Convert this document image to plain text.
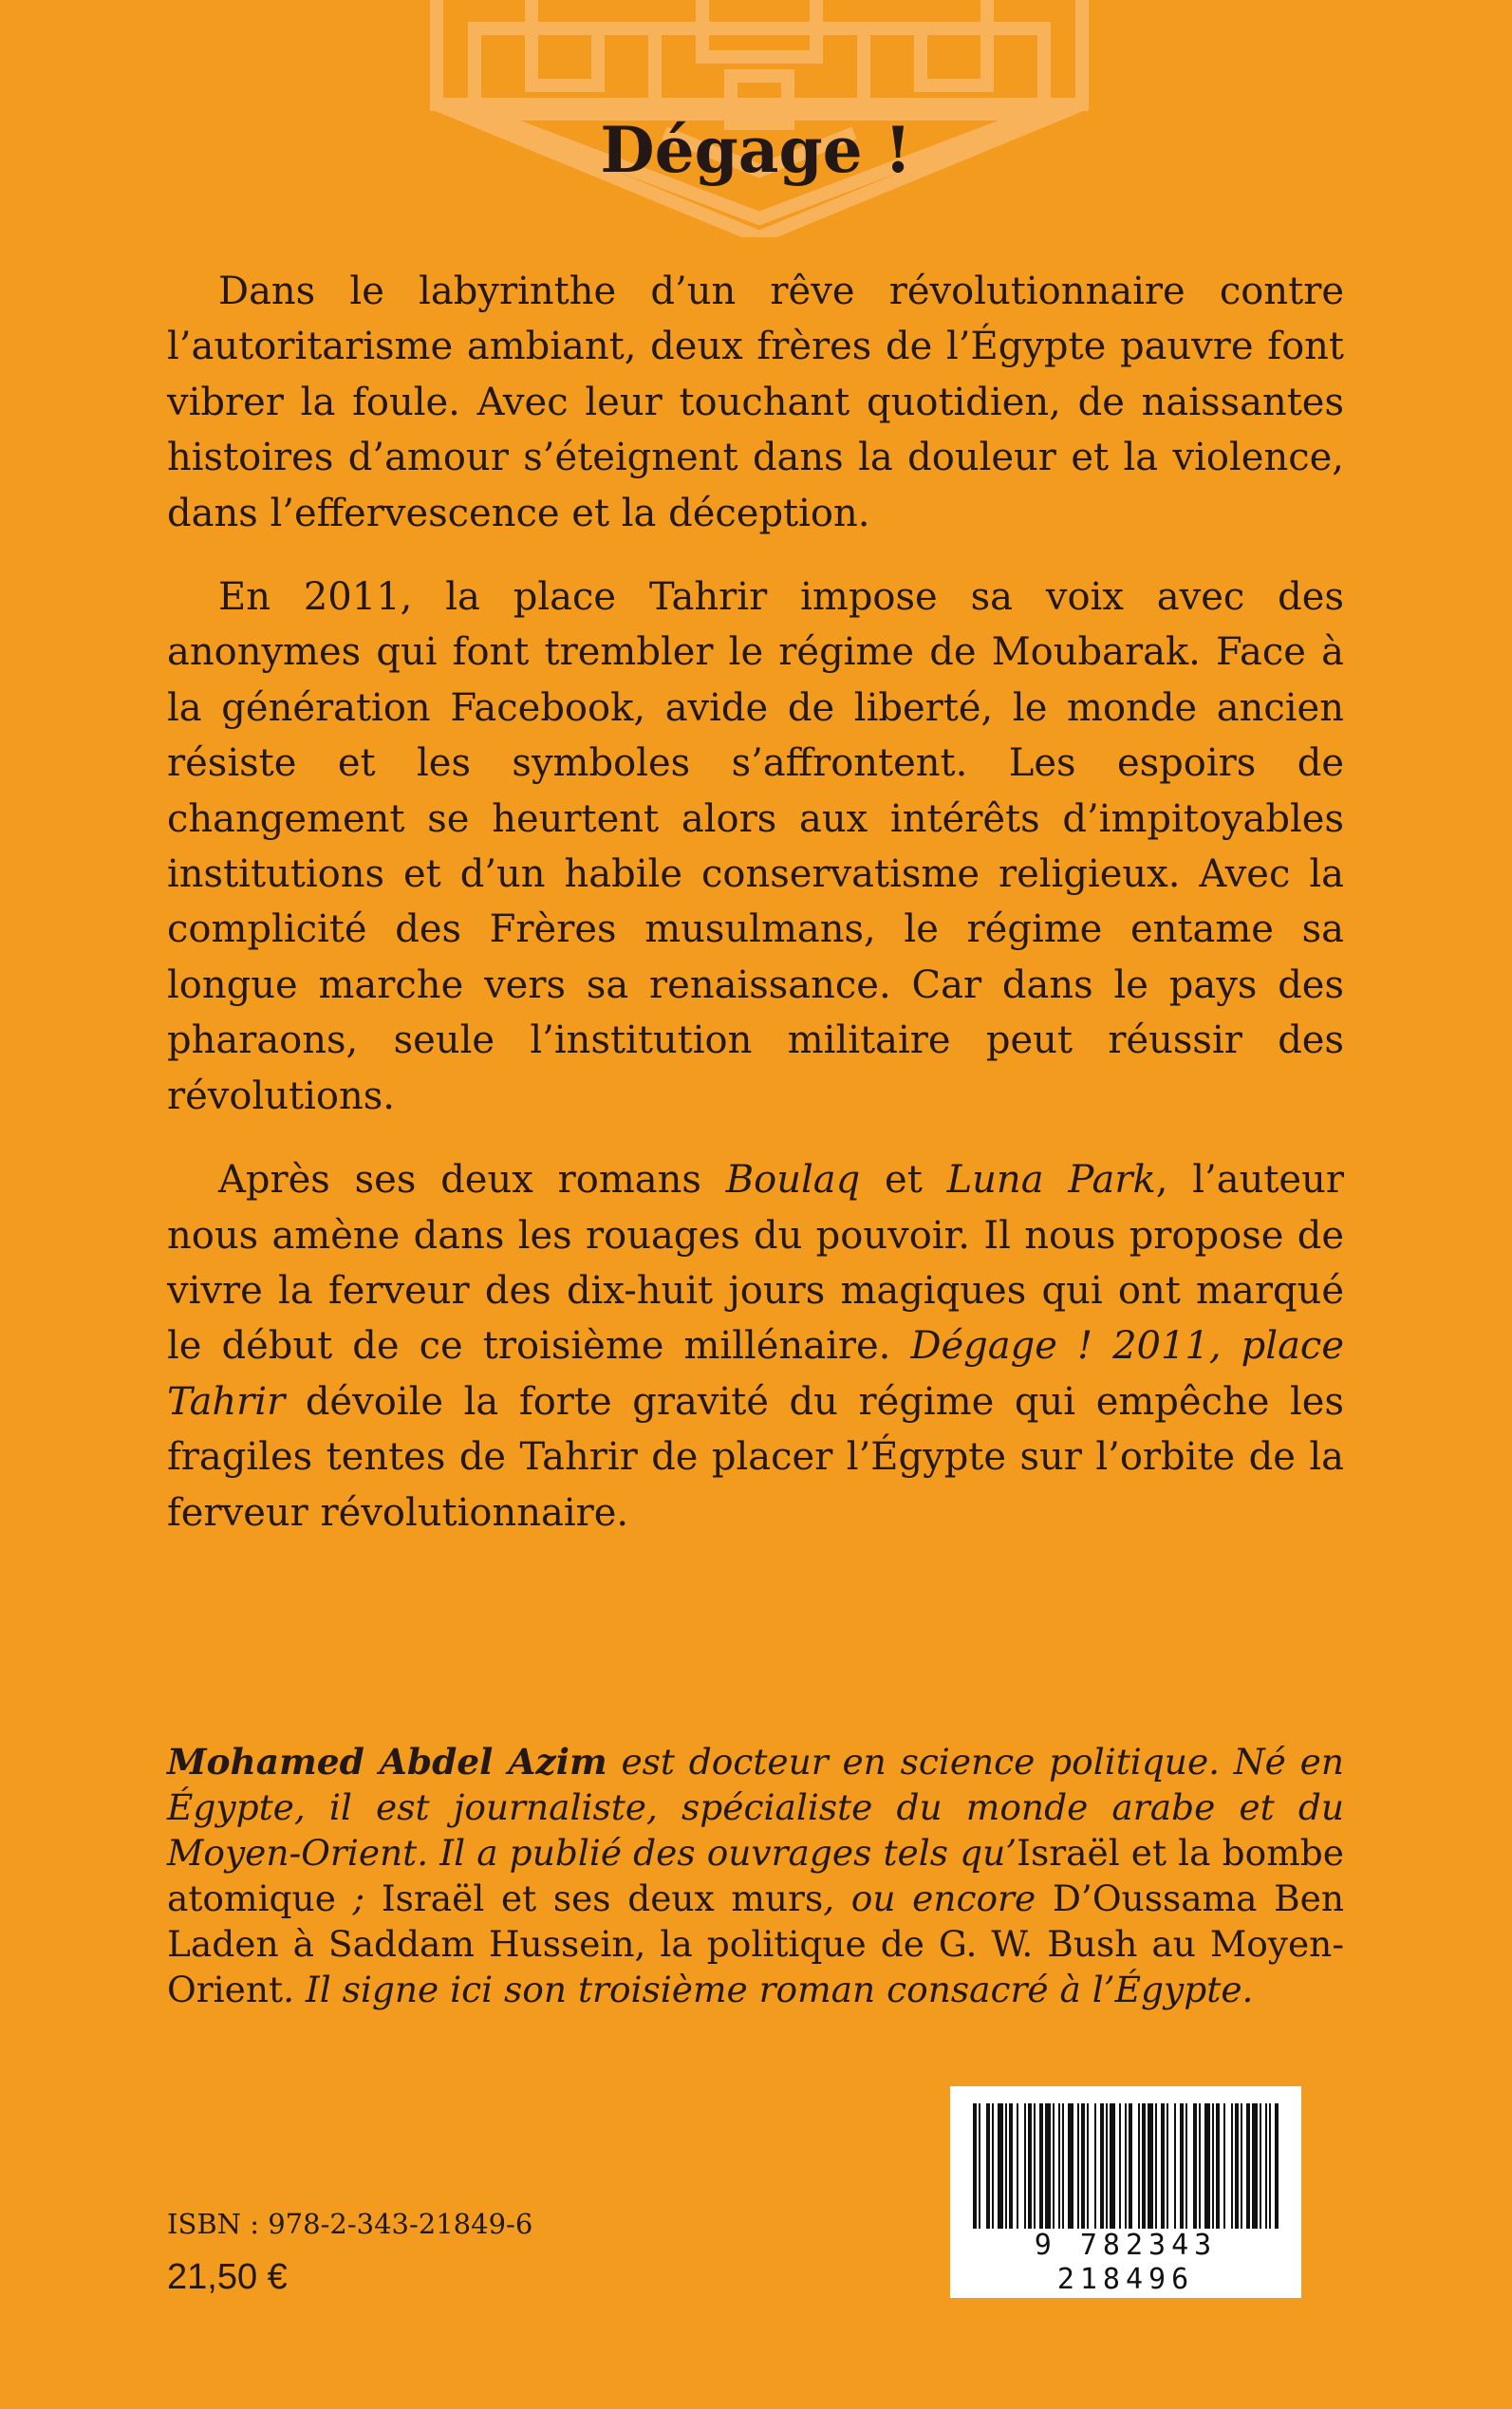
Dégage !

Dans le labyrinthe d’un rêve révolutionnaire contre l’autoritarisme ambiant, deux frères de l’Égypte pauvre font vibrer la foule. Avec leur touchant quotidien, de naissantes histoires d’amour s’éteignent dans la douleur et la violence, dans l’effervescence et la déception.

En 2011, la place Tahrir impose sa voix avec des anonymes qui font trembler le régime de Moubarak. Face à la génération Facebook, avide de liberté, le monde ancien résiste et les symboles s’affrontent. Les espoirs de changement se heurtent alors aux intérêts d’impitoyables institutions et d’un habile conservatisme religieux. Avec la complicité des Frères musulmans, le régime entame sa longue marche vers sa renaissance. Car dans le pays des pharaons, seule l’institution militaire peut réussir des révolutions.

Après ses deux romans Boulaq et Luna Park, l’auteur nous amène dans les rouages du pouvoir. Il nous propose de vivre la ferveur des dix-huit jours magiques qui ont marqué le début de ce troisième millénaire. Dégage ! 2011, place Tahrir dévoile la forte gravité du régime qui empêche les fragiles tentes de Tahrir de placer l’Égypte sur l’orbite de la ferveur révolutionnaire.

Mohamed Abdel Azim est docteur en science politique. Né en Égypte, il est journaliste, spécialiste du monde arabe et du Moyen-Orient. Il a publié des ouvrages tels qu’Israël et la bombe atomique ; Israël et ses deux murs, ou encore D’Oussama Ben Laden à Saddam Hussein, la politique de G. W. Bush au Moyen-Orient. Il signe ici son troisième roman consacré à l’Égypte.

ISBN : 978-2-343-21849-6
21,50 €
9 782343 218496
